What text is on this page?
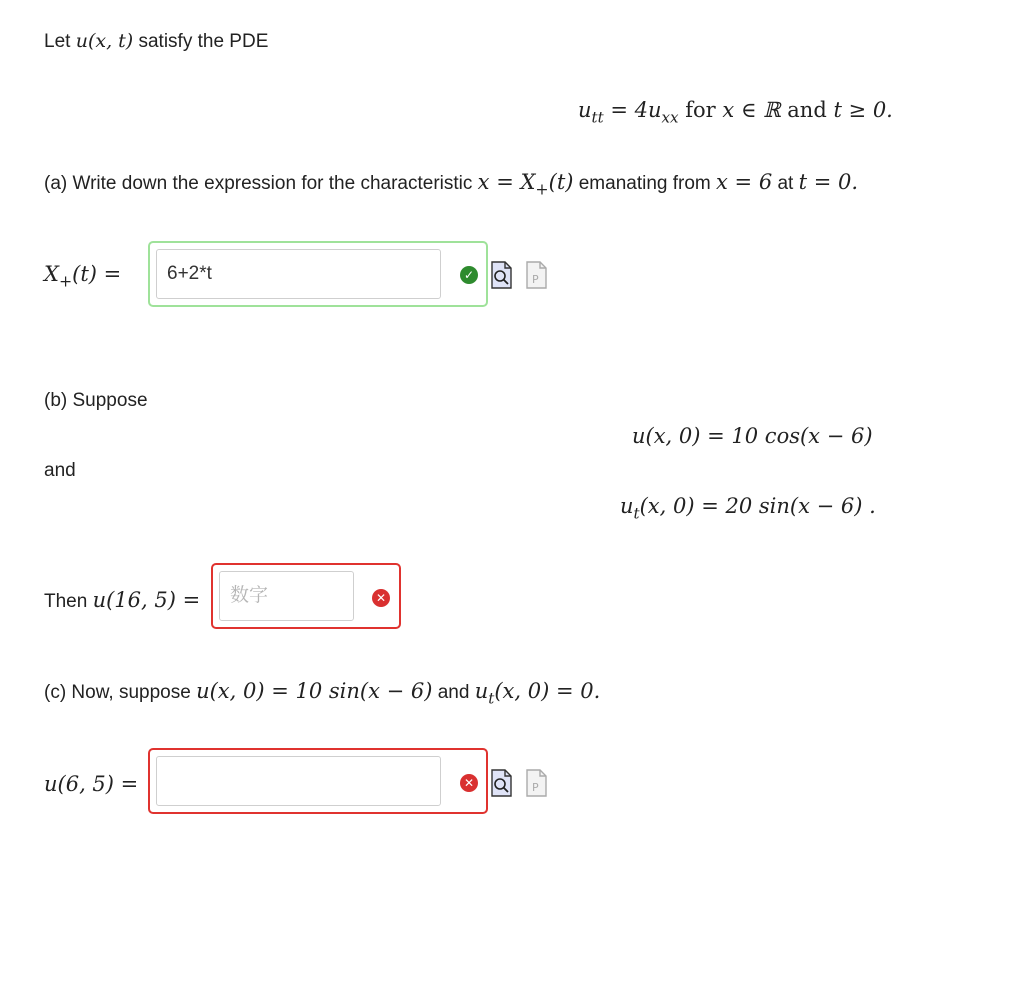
Let u(x, t) satisfy the PDE
$u_{tt} = 4u_{xx}$ for x ∈ ℝ and t ≥ 0.
(a) Write down the expression for the characteristic $x = X_+(t)$ emanating from x = 6 at t = 0.
$X_+(t)$ =
6+2*t	✓	P
(b) Suppose
u(x, 0) = 10 cos(x − 6)
and
$u_t(x$, 0) = 20 sin(x − 6) .
Then u(16, 5) =
数字	✕
(c) Now, suppose u(x, 0) = 10 sin(x − 6) and $u_t(x$, 0) = 0.
u(6, 5) =	✕	P
